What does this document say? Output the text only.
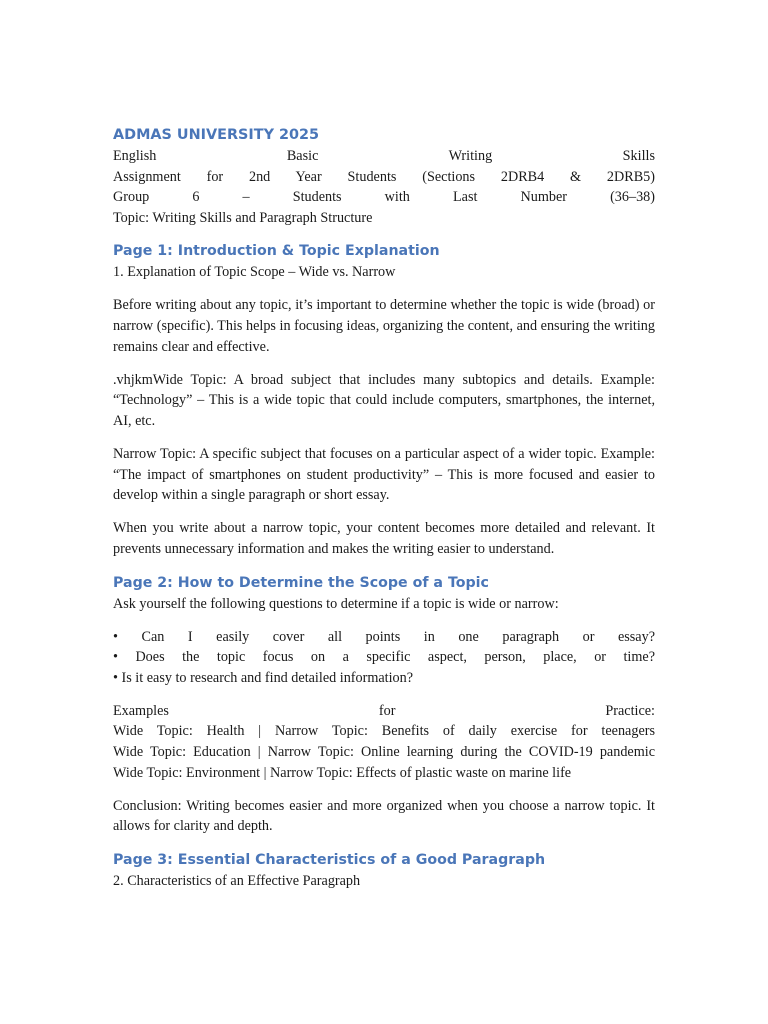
ADMAS UNIVERSITY 2025
English Basic Writing Skills
Assignment for 2nd Year Students (Sections 2DRB4 & 2DRB5)
Group 6 – Students with Last Number (36–38)
Topic: Writing Skills and Paragraph Structure
Page 1: Introduction & Topic Explanation
1. Explanation of Topic Scope – Wide vs. Narrow

Before writing about any topic, it’s important to determine whether the topic is wide (broad) or narrow (specific). This helps in focusing ideas, organizing the content, and ensuring the writing remains clear and effective.

.vhjkmWide Topic: A broad subject that includes many subtopics and details. Example: “Technology” – This is a wide topic that could include computers, smartphones, the internet, AI, etc.

Narrow Topic: A specific subject that focuses on a particular aspect of a wider topic. Example: “The impact of smartphones on student productivity” – This is more focused and easier to develop within a single paragraph or short essay.

When you write about a narrow topic, your content becomes more detailed and relevant. It prevents unnecessary information and makes the writing easier to understand.

Page 2: How to Determine the Scope of a Topic
Ask yourself the following questions to determine if a topic is wide or narrow:
• Can I easily cover all points in one paragraph or essay?
• Does the topic focus on a specific aspect, person, place, or time?
• Is it easy to research and find detailed information?
Examples for Practice:
Wide Topic: Health | Narrow Topic: Benefits of daily exercise for teenagers
Wide Topic: Education | Narrow Topic: Online learning during the COVID-19 pandemic
Wide Topic: Environment | Narrow Topic: Effects of plastic waste on marine life

Conclusion: Writing becomes easier and more organized when you choose a narrow topic. It allows for clarity and depth.

Page 3: Essential Characteristics of a Good Paragraph
2. Characteristics of an Effective Paragraph
